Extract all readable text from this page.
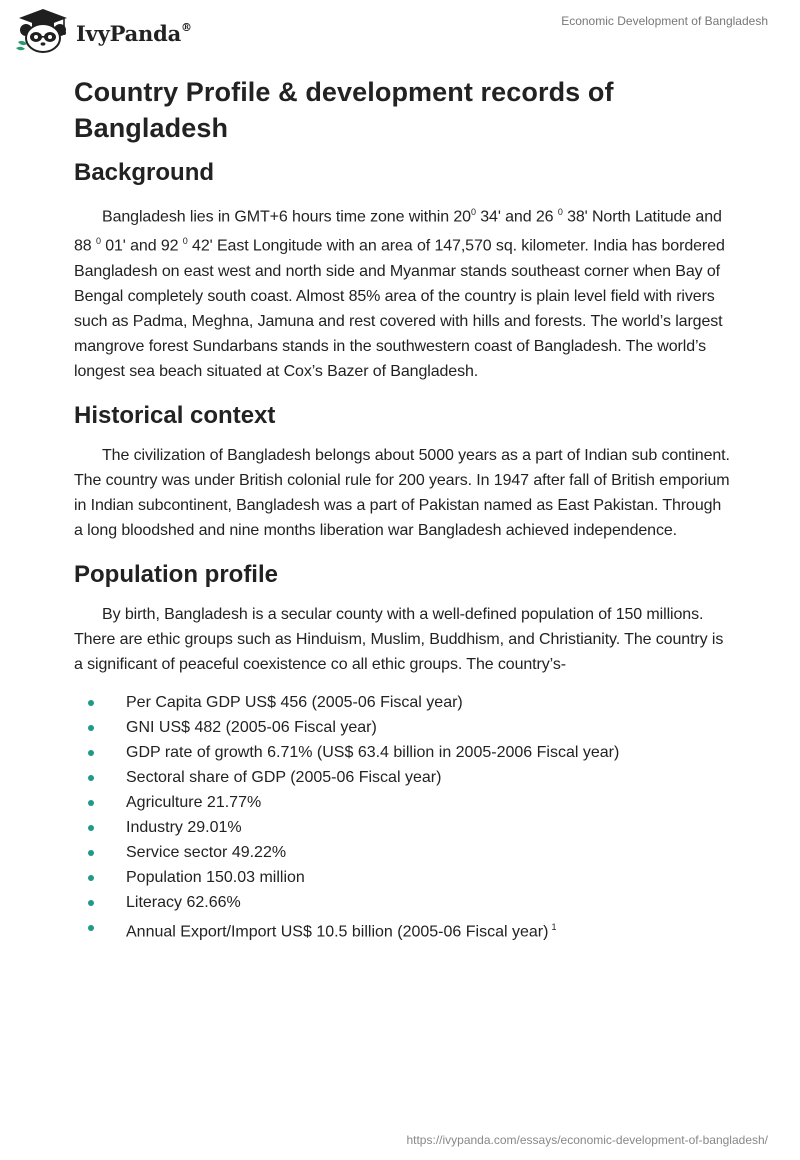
IvyPanda®	Economic Development of Bangladesh
Country Profile & development records of Bangladesh
Background

Bangladesh lies in GMT+6 hours time zone within $20^0$ 34' and 26 $^0$ 38' North Latitude and 88 $^0$ 01' and 92 $^0$ 42' East Longitude with an area of 147,570 sq. kilometer. India has bordered Bangladesh on east west and north side and Myanmar stands southeast corner when Bay of Bengal completely south coast. Almost 85% area of the country is plain level field with rivers such as Padma, Meghna, Jamuna and rest covered with hills and forests. The world’s largest mangrove forest Sundarbans stands in the southwestern coast of Bangladesh. The world’s longest sea beach situated at Cox’s Bazer of Bangladesh.

Historical context

The civilization of Bangladesh belongs about 5000 years as a part of Indian sub continent. The country was under British colonial rule for 200 years. In 1947 after fall of British emporium in Indian subcontinent, Bangladesh was a part of Pakistan named as East Pakistan. Through a long bloodshed and nine months liberation war Bangladesh achieved independence.

Population profile

By birth, Bangladesh is a secular county with a well-defined population of 150 millions. There are ethic groups such as Hinduism, Muslim, Buddhism, and Christianity. The country is a significant of peaceful coexistence co all ethic groups. The country’s-

Per Capita GDP US$ 456 (2005-06 Fiscal year)
GNI US$ 482 (2005-06 Fiscal year)
GDP rate of growth 6.71% (US$ 63.4 billion in 2005-2006 Fiscal year)
Sectoral share of GDP (2005-06 Fiscal year)
Agriculture 21.77%
Industry 29.01%
Service sector 49.22%
Population 150.03 million
Literacy 62.66%
Annual Export/Import US$ 10.5 billion (2005-06 Fiscal year) $^1$
https://ivypanda.com/essays/economic-development-of-bangladesh/
